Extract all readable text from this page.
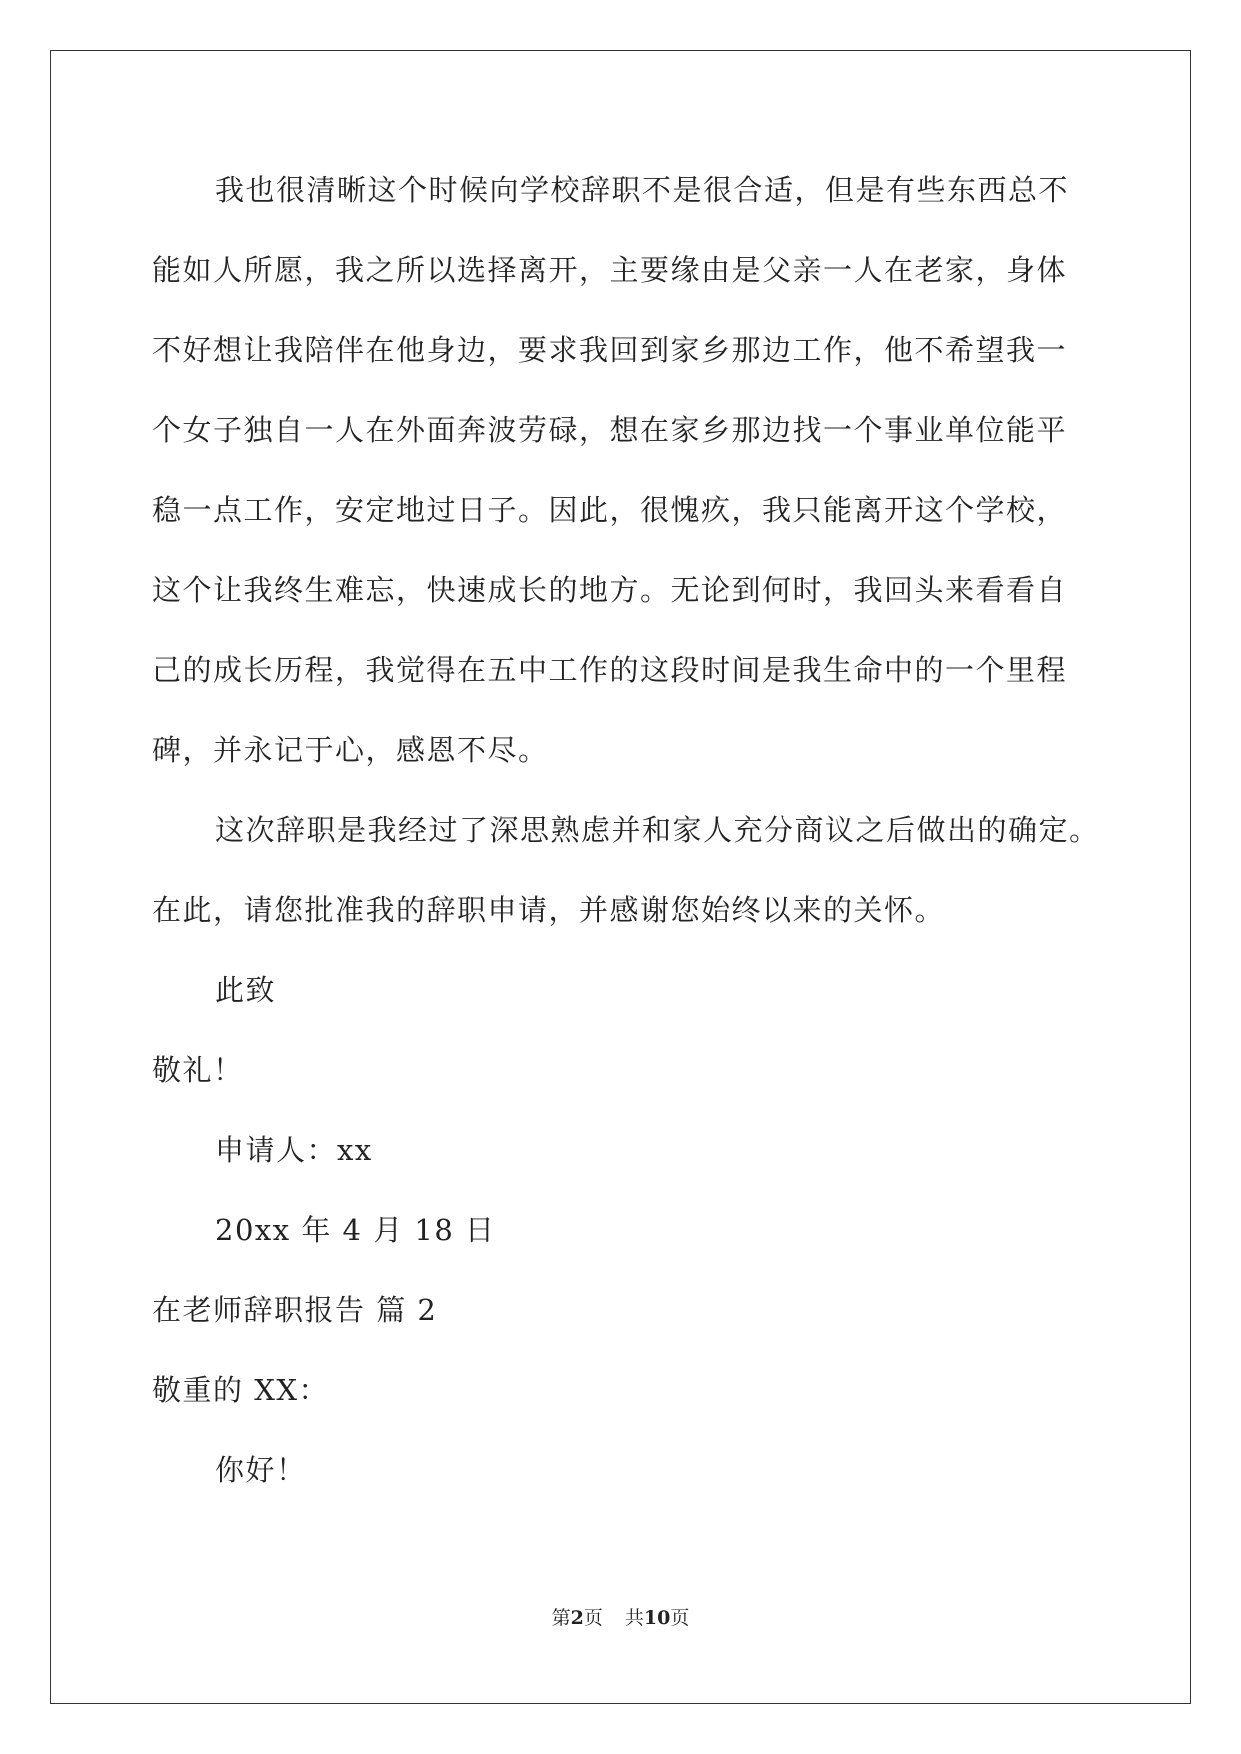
我也很清晰这个时候向学校辞职不是很合适，但是有些东西总不
能如人所愿，我之所以选择离开，主要缘由是父亲一人在老家，身体
不好想让我陪伴在他身边，要求我回到家乡那边工作，他不希望我一
个女子独自一人在外面奔波劳碌，想在家乡那边找一个事业单位能平
稳一点工作，安定地过日子。因此，很愧疚，我只能离开这个学校，
这个让我终生难忘，快速成长的地方。无论到何时，我回头来看看自
己的成长历程，我觉得在五中工作的这段时间是我生命中的一个里程
碑，并永记于心，感恩不尽。
这次辞职是我经过了深思熟虑并和家人充分商议之后做出的确定。
在此，请您批准我的辞职申请，并感谢您始终以来的关怀。
此致
敬礼！
申请人：xx
20xx 年 4 月 18 日
在老师辞职报告 篇 2
敬重的 XX：
你好！
第2页 共10页
